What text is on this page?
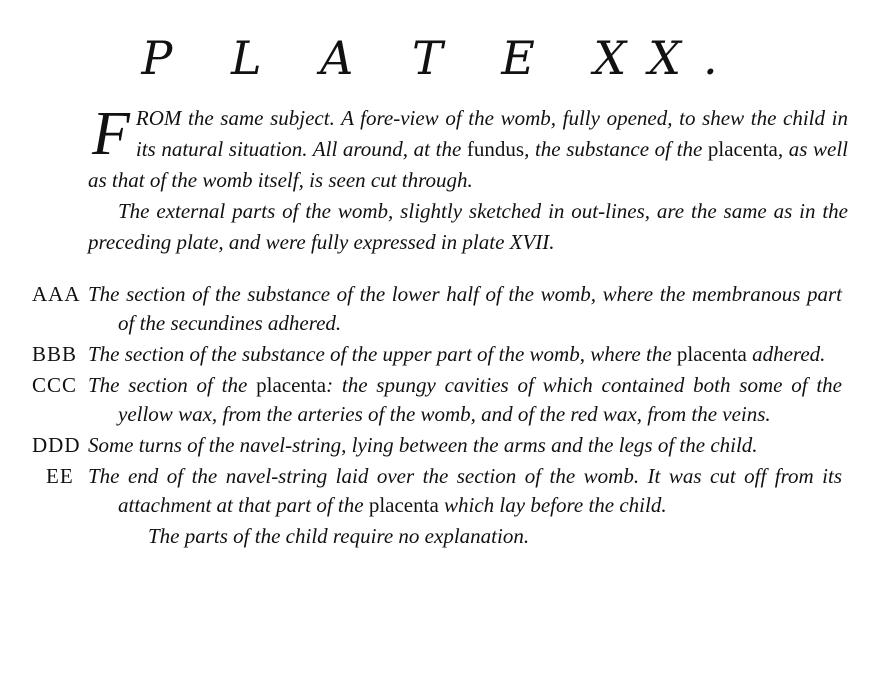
P L A T E XX.

FROM the same subject. A fore-view of the womb, fully opened, to shew the child in its natural situation. All around, at the fundus, the substance of the placenta, as well as that of the womb itself, is seen cut through.

The external parts of the womb, slightly sketched in out-lines, are the same as in the preceding plate, and were fully expressed in plate XVII.

AAA The section of the substance of the lower half of the womb, where the membranous part of the secundines adhered.
BBB The section of the substance of the upper part of the womb, where the placenta adhered.
CCC The section of the placenta: the spungy cavities of which contained both some of the yellow wax, from the arteries of the womb, and of the red wax, from the veins.
DDD Some turns of the navel-string, lying between the arms and the legs of the child.
EE The end of the navel-string laid over the section of the womb. It was cut off from its attachment at that part of the placenta which lay before the child.
The parts of the child require no explanation.
